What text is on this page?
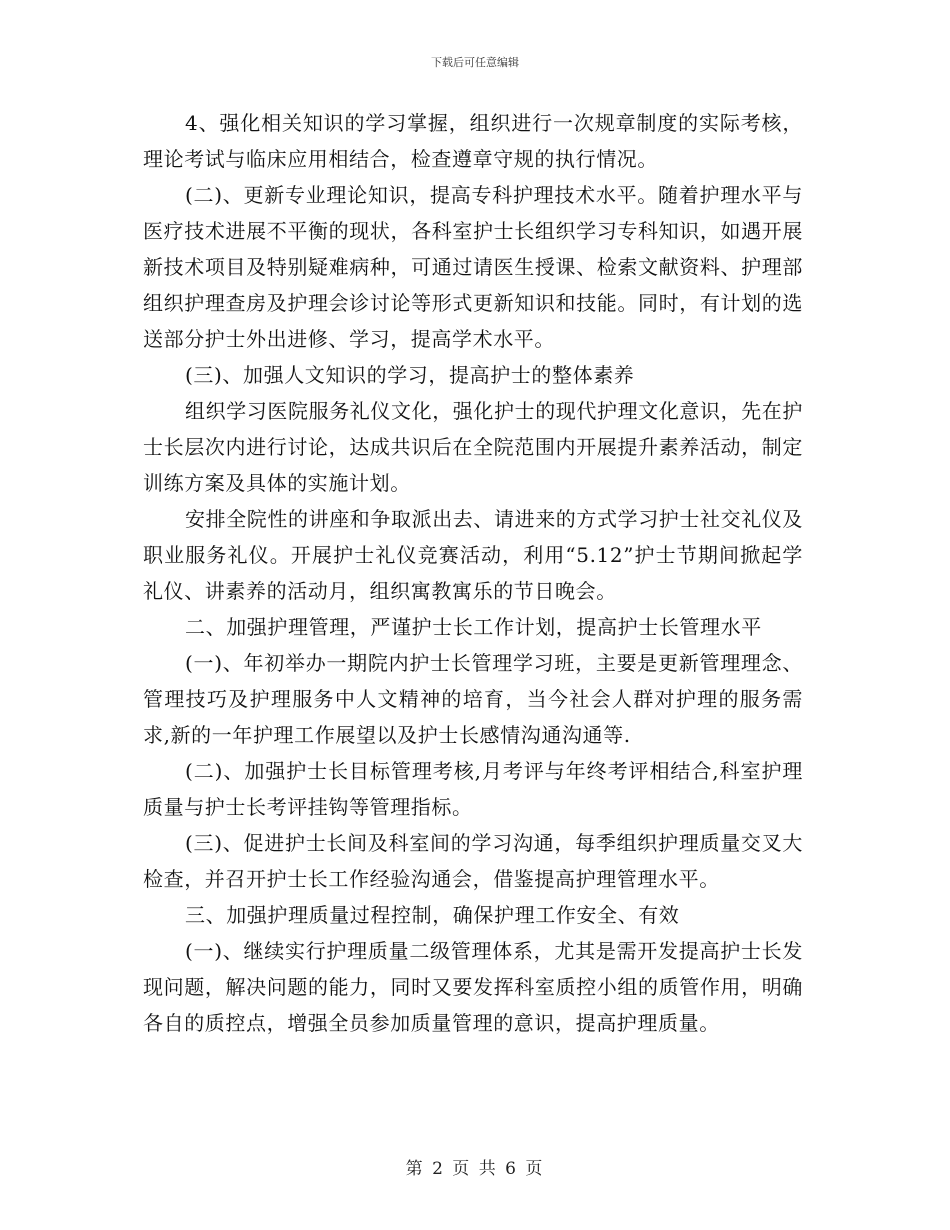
下载后可任意编辑

4、强化相关知识的学习掌握，组织进行一次规章制度的实际考核，理论考试与临床应用相结合，检查遵章守规的执行情况。

(二)、更新专业理论知识，提高专科护理技术水平。随着护理水平与医疗技术进展不平衡的现状，各科室护士长组织学习专科知识，如遇开展新技术项目及特别疑难病种，可通过请医生授课、检索文献资料、护理部组织护理查房及护理会诊讨论等形式更新知识和技能。同时，有计划的选送部分护士外出进修、学习，提高学术水平。

(三)、加强人文知识的学习，提高护士的整体素养

组织学习医院服务礼仪文化，强化护士的现代护理文化意识，先在护士长层次内进行讨论，达成共识后在全院范围内开展提升素养活动，制定训练方案及具体的实施计划。

安排全院性的讲座和争取派出去、请进来的方式学习护士社交礼仪及职业服务礼仪。开展护士礼仪竞赛活动，利用“5.12”护士节期间掀起学礼仪、讲素养的活动月，组织寓教寓乐的节日晚会。

二、加强护理管理，严谨护士长工作计划，提高护士长管理水平

(一)、年初举办一期院内护士长管理学习班，主要是更新管理理念、管理技巧及护理服务中人文精神的培育，当今社会人群对护理的服务需求,新的一年护理工作展望以及护士长感情沟通沟通等.

(二)、加强护士长目标管理考核,月考评与年终考评相结合,科室护理质量与护士长考评挂钩等管理指标。

(三)、促进护士长间及科室间的学习沟通，每季组织护理质量交叉大检查，并召开护士长工作经验沟通会，借鉴提高护理管理水平。

三、加强护理质量过程控制，确保护理工作安全、有效

(一)、继续实行护理质量二级管理体系，尤其是需开发提高护士长发现问题，解决问题的能力，同时又要发挥科室质控小组的质管作用，明确各自的质控点，增强全员参加质量管理的意识，提高护理质量。

第 2 页 共 6 页
